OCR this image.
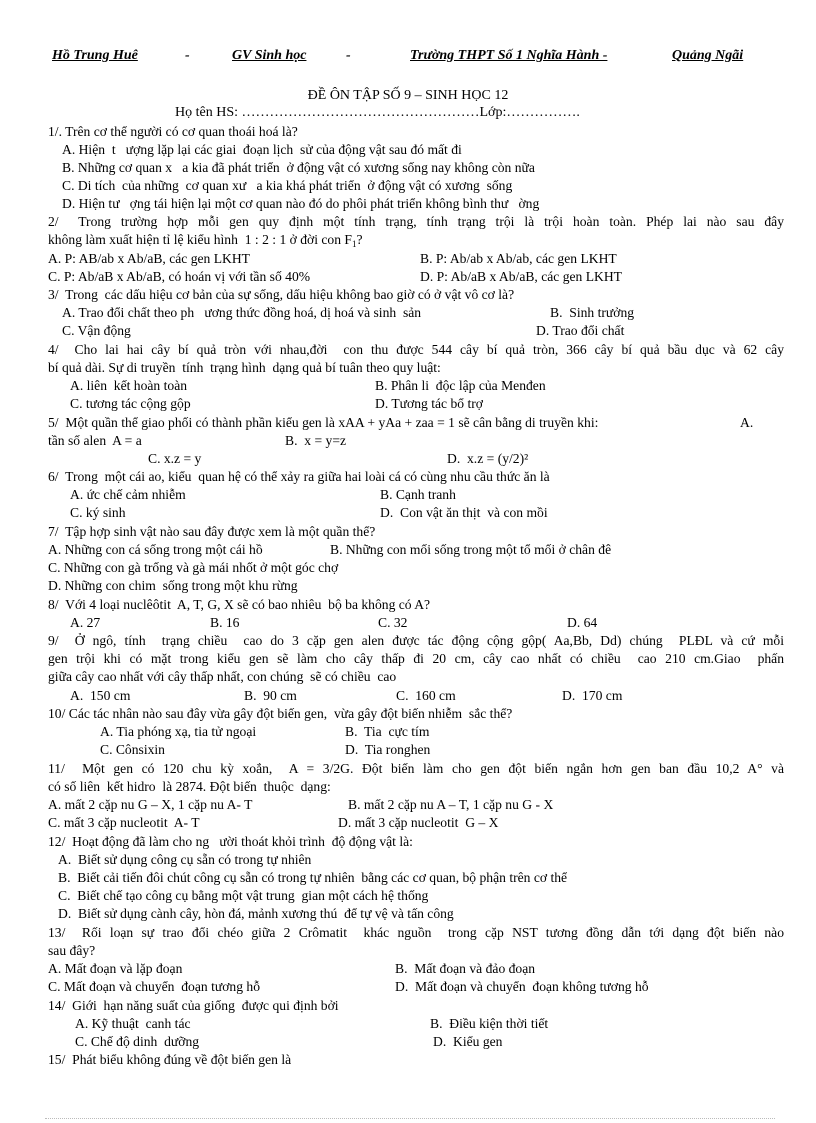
Hồ Trung Huê	-	GV Sinh học	-	Trường THPT Số 1 Nghĩa Hành -	Quảng Ngãi
ĐỀ ÔN TẬP SỐ 9 – SINH HỌC 12
Họ tên HS: ……………………………………………Lớp:…………….
1/. Trên cơ thể người có cơ quan thoái hoá là?
A. Hiện  t   ượng lặp lại các giai  đoạn lịch  sử của động vật sau đó mất đi
B. Những cơ quan x   a kia đã phát triển  ở động vật có xương sống nay không còn nữa
C. Di tích  của những  cơ quan xư   a kia khá phát triển  ở động vật có xương  sống
D. Hiện tư   ợng tái hiện lại một cơ quan nào đó do phôi phát triển không bình thư   ờng
2/  Trong trường hợp mỗi gen quy định một tính trạng, tính trạng trội là trội hoàn toàn. Phép lai nào sau đây
không làm xuất hiện tỉ lệ kiểu hình  1 : 2 : 1 ở đời con $F_1$?
A. P: AB/ab x Ab/aB, các gen LKHT	B. P: Ab/ab x Ab/ab, các gen LKHT
C. P: Ab/aB x Ab/aB, có hoán vị với tần số 40%	D. P: Ab/aB x Ab/aB, các gen LKHT
3/  Trong  các dấu hiệu cơ bản của sự sống, dấu hiệu không bao giờ có ở vật vô cơ là?
A. Trao đổi chất theo ph   ương thức đồng hoá, dị hoá và sinh  sản	B.  Sinh trưởng
C. Vận động	D. Trao đổi chất
4/  Cho lai hai cây bí quả tròn với nhau,đời  con thu được 544 cây bí quả tròn, 366 cây bí quả bầu dục và 62 cây
bí quả dài. Sự di truyền  tính  trạng hình  dạng quả bí tuân theo quy luật:
A. liên  kết hoàn toàn	B. Phân li  độc lập của Menđen
C. tương tác cộng gộp	D. Tương tác bổ trợ
5/  Một quần thể giao phối có thành phần kiểu gen là xAA + yAa + zaa = 1 sẽ cân bằng di truyền khi:	A.
tần số alen  A = a	B.  x = y=z
C. x.z = y	D.  x.z = (y/2)²
6/  Trong  một cái ao, kiểu  quan hệ có thể xảy ra giữa hai loài cá có cùng nhu cầu thức ăn là
A. ức chế cảm nhiễm	B. Cạnh tranh
C. ký sinh	D.  Con vật ăn thịt  và con mồi
7/  Tập hợp sinh vật nào sau đây được xem là một quần thể?
A. Những con cá sống trong một cái hồ	B. Những con mối sống trong một tổ mối ở chân đê
C. Những con gà trống và gà mái nhốt ở một góc chợ
D. Những con chim  sống trong một khu rừng
8/  Với 4 loại nuclêôtit  A, T, G, X sẽ có bao nhiêu  bộ ba không có A?
A. 27	B. 16	C. 32	D. 64
9/  Ở ngô, tính  trạng chiều  cao do 3 cặp gen alen được tác động cộng gộp( Aa,Bb, Dd) chúng  PLĐL và cứ mỗi
gen trội khi có mặt trong kiểu gen sẽ làm cho cây thấp đi 20 cm, cây cao nhất có chiều  cao 210 cm.Giao  phấn
giữa cây cao nhất với cây thấp nhất, con chúng  sẽ có chiều  cao
A.  150 cm	B.  90 cm	C.  160 cm	D.  170 cm
10/ Các tác nhân nào sau đây vừa gây đột biến gen,  vừa gây đột biến nhiễm  sắc thể?
A. Tia phóng xạ, tia tử ngoại	B.  Tia  cực tím
C. Cônsixin	D.  Tia ronghen
11/  Một gen có 120 chu kỳ xoắn,  A = 3/2G. Đột biến làm cho gen đột biến ngắn hơn gen ban đầu 10,2 A° và
có số liên  kết hidro  là 2874. Đột biến  thuộc  dạng:
A. mất 2 cặp nu G – X, 1 cặp nu A- T	B. mất 2 cặp nu A – T, 1 cặp nu G - X
C. mất 3 cặp nucleotit  A- T	D. mất 3 cặp nucleotit  G – X
12/  Hoạt động đã làm cho ng   ười thoát khỏi trình  độ động vật là:
A.  Biết sử dụng công cụ sẵn có trong tự nhiên
B.  Biết cải tiến đôi chút công cụ sẵn có trong tự nhiên  bằng các cơ quan, bộ phận trên cơ thể
C.  Biết chế tạo công cụ bằng một vật trung  gian một cách hệ thống
D.  Biết sử dụng cành cây, hòn đá, mảnh xương thú  để tự vệ và tấn công
13/  Rối loạn sự trao đổi chéo giữa 2 Crômatit  khác nguồn  trong cặp NST tương đồng dẫn tới dạng đột biến nào
sau đây?
A. Mất đoạn và lặp đoạn	B.  Mất đoạn và đảo đoạn
C. Mất đoạn và chuyển  đoạn tương hỗ	D.  Mất đoạn và chuyển  đoạn không tương hỗ
14/  Giới  hạn năng suất của giống  được qui định bởi
A. Kỹ thuật  canh tác	B.  Điều kiện thời tiết
C. Chế độ dinh  dưỡng	D.  Kiểu gen
15/  Phát biểu không đúng về đột biến gen là
